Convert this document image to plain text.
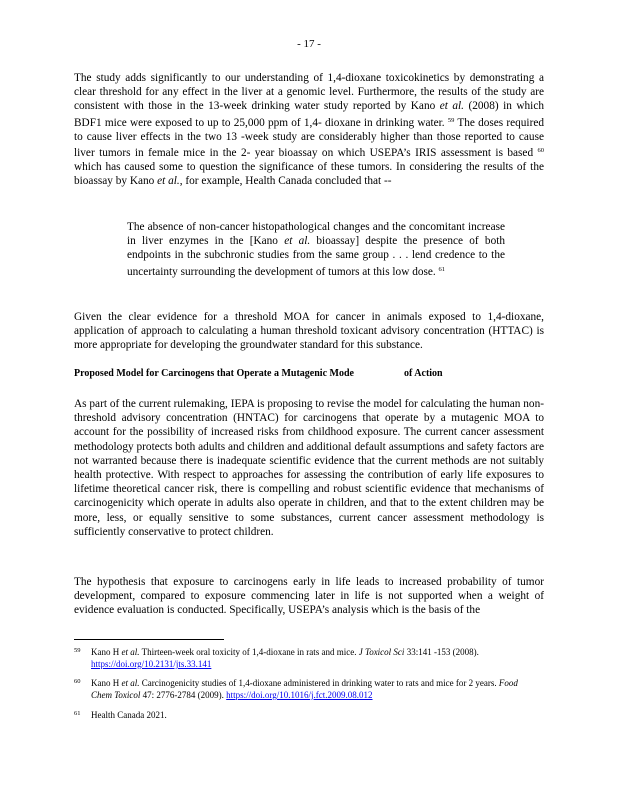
- 17 -

The study adds significantly to our understanding of 1,4-dioxane toxicokinetics by demonstrating a clear threshold for any effect in the liver at a genomic level. Furthermore, the results of the study are consistent with those in the 13-week drinking water study reported by Kano et al. (2008) in which BDF1 mice were exposed to up to 25,000 ppm of 1,4- dioxane in drinking water. $^{59}$ The doses required to cause liver effects in the two 13 -week study are considerably higher than those reported to cause liver tumors in female mice in the 2- year bioassay on which USEPA’s IRIS assessment is based $^{60}$ which has caused some to question the significance of these tumors. In considering the results of the bioassay by Kano et al., for example, Health Canada concluded that --

The absence of non-cancer histopathological changes and the concomitant increase in liver enzymes in the [Kano et al. bioassay] despite the presence of both endpoints in the subchronic studies from the same group . . . lend credence to the uncertainty surrounding the development of tumors at this low dose. $^{61}$

Given the clear evidence for a threshold MOA for cancer in animals exposed to 1,4-dioxane, application of approach to calculating a human threshold toxicant advisory concentration (HTTAC) is more appropriate for developing the groundwater standard for this substance.

Proposed Model for Carcinogens that Operate a Mutagenic Mode	of Action

As part of the current rulemaking, IEPA is proposing to revise the model for calculating the human non-threshold advisory concentration (HNTAC) for carcinogens that operate by a mutagenic MOA to account for the possibility of increased risks from childhood exposure. The current cancer assessment methodology protects both adults and children and additional default assumptions and safety factors are not warranted because there is inadequate scientific evidence that the current methods are not suitably health protective. With respect to approaches for assessing the contribution of early life exposures to lifetime theoretical cancer risk, there is compelling and robust scientific evidence that mechanisms of carcinogenicity which operate in adults also operate in children, and that to the extent children may be more, less, or equally sensitive to some substances, current cancer assessment methodology is sufficiently conservative to protect children.

The hypothesis that exposure to carcinogens early in life leads to increased probability of tumor development, compared to exposure commencing later in life is not supported when a weight of evidence evaluation is conducted. Specifically, USEPA’s analysis which is the basis of the

59 Kano H et al. Thirteen-week oral toxicity of 1,4-dioxane in rats and mice. J Toxicol Sci 33:141 -153 (2008). https://doi.org/10.2131/jts.33.141
60 Kano H et al. Carcinogenicity studies of 1,4-dioxane administered in drinking water to rats and mice for 2 years. Food Chem Toxicol 47: 2776-2784 (2009). https://doi.org/10.1016/j.fct.2009.08.012
61 Health Canada 2021.
